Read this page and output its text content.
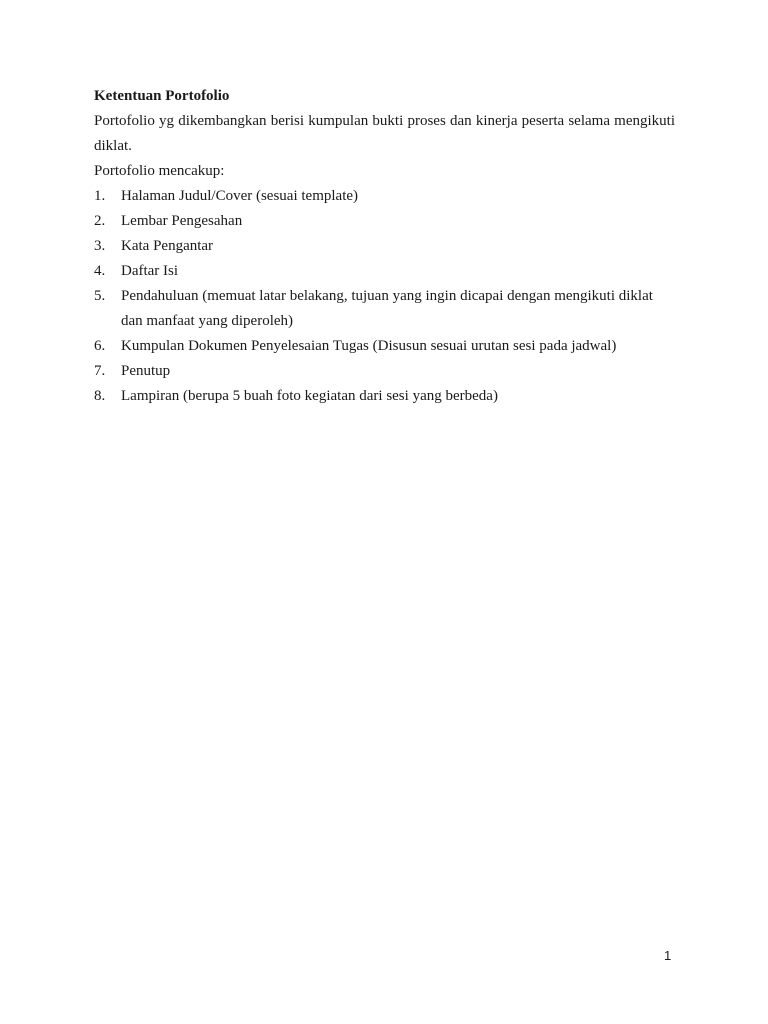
Ketentuan Portofolio

Portofolio yg dikembangkan berisi kumpulan bukti proses dan kinerja peserta selama mengikuti diklat.

Portofolio mencakup:

1.	Halaman Judul/Cover (sesuai template)
2.	Lembar Pengesahan
3.	Kata Pengantar
4.	Daftar Isi
5.	Pendahuluan (memuat latar belakang, tujuan yang ingin dicapai dengan mengikuti diklat dan manfaat yang diperoleh)
6.	Kumpulan Dokumen Penyelesaian Tugas (Disusun sesuai urutan sesi pada jadwal)
7.	Penutup
8.	Lampiran (berupa 5 buah foto kegiatan dari sesi yang berbeda)
1
